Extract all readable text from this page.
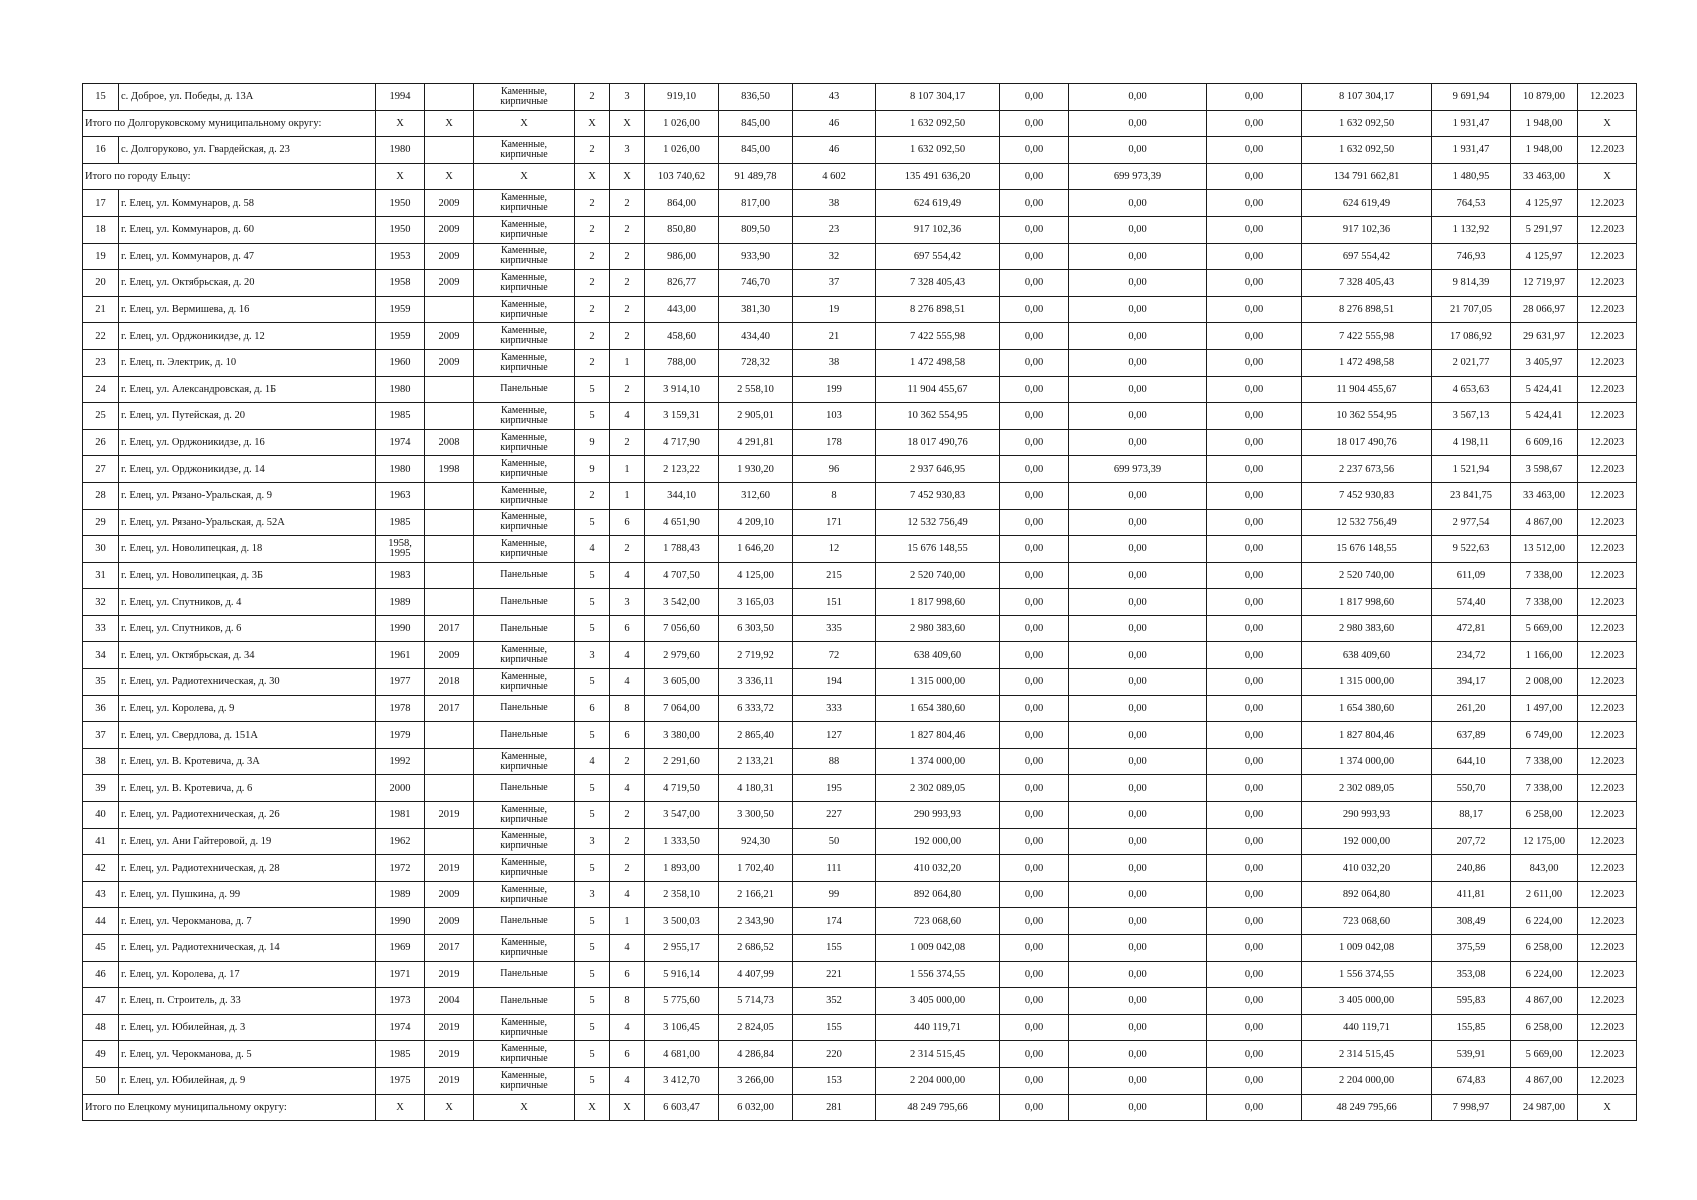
15	с. Доброе, ул. Победы, д. 13А	1994		Каменные, кирпичные	2	3	919,10	836,50	43	8 107 304,17	0,00	0,00	0,00	8 107 304,17	9 691,94	10 879,00	12.2023
Итого по Долгоруковскому муниципальному округу:		X	X	X	X	X	1 026,00	845,00	46	1 632 092,50	0,00	0,00	0,00	1 632 092,50	1 931,47	1 948,00	X
16	с. Долгоруково, ул. Гвардейская, д. 23	1980		Каменные, кирпичные	2	3	1 026,00	845,00	46	1 632 092,50	0,00	0,00	0,00	1 632 092,50	1 931,47	1 948,00	12.2023
Итого по городу Ельцу:		X	X	X	X	X	103 740,62	91 489,78	4 602	135 491 636,20	0,00	699 973,39	0,00	134 791 662,81	1 480,95	33 463,00	X
17	г. Елец, ул. Коммунаров, д. 58	1950	2009	Каменные, кирпичные	2	2	864,00	817,00	38	624 619,49	0,00	0,00	0,00	624 619,49	764,53	4 125,97	12.2023
18	г. Елец, ул. Коммунаров, д. 60	1950	2009	Каменные, кирпичные	2	2	850,80	809,50	23	917 102,36	0,00	0,00	0,00	917 102,36	1 132,92	5 291,97	12.2023
19	г. Елец, ул. Коммунаров, д. 47	1953	2009	Каменные, кирпичные	2	2	986,00	933,90	32	697 554,42	0,00	0,00	0,00	697 554,42	746,93	4 125,97	12.2023
20	г. Елец, ул. Октябрьская, д. 20	1958	2009	Каменные, кирпичные	2	2	826,77	746,70	37	7 328 405,43	0,00	0,00	0,00	7 328 405,43	9 814,39	12 719,97	12.2023
21	г. Елец, ул. Вермишева, д. 16	1959		Каменные, кирпичные	2	2	443,00	381,30	19	8 276 898,51	0,00	0,00	0,00	8 276 898,51	21 707,05	28 066,97	12.2023
22	г. Елец, ул. Орджоникидзе, д. 12	1959	2009	Каменные, кирпичные	2	2	458,60	434,40	21	7 422 555,98	0,00	0,00	0,00	7 422 555,98	17 086,92	29 631,97	12.2023
23	г. Елец, п. Электрик, д. 10	1960	2009	Каменные, кирпичные	2	1	788,00	728,32	38	1 472 498,58	0,00	0,00	0,00	1 472 498,58	2 021,77	3 405,97	12.2023
24	г. Елец, ул. Александровская, д. 1Б	1980		Панельные	5	2	3 914,10	2 558,10	199	11 904 455,67	0,00	0,00	0,00	11 904 455,67	4 653,63	5 424,41	12.2023
25	г. Елец, ул. Путейская, д. 20	1985		Каменные, кирпичные	5	4	3 159,31	2 905,01	103	10 362 554,95	0,00	0,00	0,00	10 362 554,95	3 567,13	5 424,41	12.2023
26	г. Елец, ул. Орджоникидзе, д. 16	1974	2008	Каменные, кирпичные	9	2	4 717,90	4 291,81	178	18 017 490,76	0,00	0,00	0,00	18 017 490,76	4 198,11	6 609,16	12.2023
27	г. Елец, ул. Орджоникидзе, д. 14	1980	1998	Каменные, кирпичные	9	1	2 123,22	1 930,20	96	2 937 646,95	0,00	699 973,39	0,00	2 237 673,56	1 521,94	3 598,67	12.2023
28	г. Елец, ул. Рязано-Уральская, д. 9	1963		Каменные, кирпичные	2	1	344,10	312,60	8	7 452 930,83	0,00	0,00	0,00	7 452 930,83	23 841,75	33 463,00	12.2023
29	г. Елец, ул. Рязано-Уральская, д. 52А	1985		Каменные, кирпичные	5	6	4 651,90	4 209,10	171	12 532 756,49	0,00	0,00	0,00	12 532 756,49	2 977,54	4 867,00	12.2023
30	г. Елец, ул. Новолипецкая, д. 18	1958, 1995		Каменные, кирпичные	4	2	1 788,43	1 646,20	12	15 676 148,55	0,00	0,00	0,00	15 676 148,55	9 522,63	13 512,00	12.2023
31	г. Елец, ул. Новолипецкая, д. 3Б	1983		Панельные	5	4	4 707,50	4 125,00	215	2 520 740,00	0,00	0,00	0,00	2 520 740,00	611,09	7 338,00	12.2023
32	г. Елец, ул. Спутников, д. 4	1989		Панельные	5	3	3 542,00	3 165,03	151	1 817 998,60	0,00	0,00	0,00	1 817 998,60	574,40	7 338,00	12.2023
33	г. Елец, ул. Спутников, д. 6	1990	2017	Панельные	5	6	7 056,60	6 303,50	335	2 980 383,60	0,00	0,00	0,00	2 980 383,60	472,81	5 669,00	12.2023
34	г. Елец, ул. Октябрьская, д. 34	1961	2009	Каменные, кирпичные	3	4	2 979,60	2 719,92	72	638 409,60	0,00	0,00	0,00	638 409,60	234,72	1 166,00	12.2023
35	г. Елец, ул. Радиотехническая, д. 30	1977	2018	Каменные, кирпичные	5	4	3 605,00	3 336,11	194	1 315 000,00	0,00	0,00	0,00	1 315 000,00	394,17	2 008,00	12.2023
36	г. Елец, ул. Королева, д. 9	1978	2017	Панельные	6	8	7 064,00	6 333,72	333	1 654 380,60	0,00	0,00	0,00	1 654 380,60	261,20	1 497,00	12.2023
37	г. Елец, ул. Свердлова, д. 151А	1979		Панельные	5	6	3 380,00	2 865,40	127	1 827 804,46	0,00	0,00	0,00	1 827 804,46	637,89	6 749,00	12.2023
38	г. Елец, ул. В. Кротевича, д. 3А	1992		Каменные, кирпичные	4	2	2 291,60	2 133,21	88	1 374 000,00	0,00	0,00	0,00	1 374 000,00	644,10	7 338,00	12.2023
39	г. Елец, ул. В. Кротевича, д. 6	2000		Панельные	5	4	4 719,50	4 180,31	195	2 302 089,05	0,00	0,00	0,00	2 302 089,05	550,70	7 338,00	12.2023
40	г. Елец, ул. Радиотехническая, д. 26	1981	2019	Каменные, кирпичные	5	2	3 547,00	3 300,50	227	290 993,93	0,00	0,00	0,00	290 993,93	88,17	6 258,00	12.2023
41	г. Елец, ул. Ани Гайтеровой, д. 19	1962		Каменные, кирпичные	3	2	1 333,50	924,30	50	192 000,00	0,00	0,00	0,00	192 000,00	207,72	12 175,00	12.2023
42	г. Елец, ул. Радиотехническая, д. 28	1972	2019	Каменные, кирпичные	5	2	1 893,00	1 702,40	111	410 032,20	0,00	0,00	0,00	410 032,20	240,86	843,00	12.2023
43	г. Елец, ул. Пушкина, д. 99	1989	2009	Каменные, кирпичные	3	4	2 358,10	2 166,21	99	892 064,80	0,00	0,00	0,00	892 064,80	411,81	2 611,00	12.2023
44	г. Елец, ул. Черокманова, д. 7	1990	2009	Панельные	5	1	3 500,03	2 343,90	174	723 068,60	0,00	0,00	0,00	723 068,60	308,49	6 224,00	12.2023
45	г. Елец, ул. Радиотехническая, д. 14	1969	2017	Каменные, кирпичные	5	4	2 955,17	2 686,52	155	1 009 042,08	0,00	0,00	0,00	1 009 042,08	375,59	6 258,00	12.2023
46	г. Елец, ул. Королева, д. 17	1971	2019	Панельные	5	6	5 916,14	4 407,99	221	1 556 374,55	0,00	0,00	0,00	1 556 374,55	353,08	6 224,00	12.2023
47	г. Елец, п. Строитель, д. 33	1973	2004	Панельные	5	8	5 775,60	5 714,73	352	3 405 000,00	0,00	0,00	0,00	3 405 000,00	595,83	4 867,00	12.2023
48	г. Елец, ул. Юбилейная, д. 3	1974	2019	Каменные, кирпичные	5	4	3 106,45	2 824,05	155	440 119,71	0,00	0,00	0,00	440 119,71	155,85	6 258,00	12.2023
49	г. Елец, ул. Черокманова, д. 5	1985	2019	Каменные, кирпичные	5	6	4 681,00	4 286,84	220	2 314 515,45	0,00	0,00	0,00	2 314 515,45	539,91	5 669,00	12.2023
50	г. Елец, ул. Юбилейная, д. 9	1975	2019	Каменные, кирпичные	5	4	3 412,70	3 266,00	153	2 204 000,00	0,00	0,00	0,00	2 204 000,00	674,83	4 867,00	12.2023
Итого по Елецкому муниципальному округу:		X	X	X	X	X	6 603,47	6 032,00	281	48 249 795,66	0,00	0,00	0,00	48 249 795,66	7 998,97	24 987,00	X
